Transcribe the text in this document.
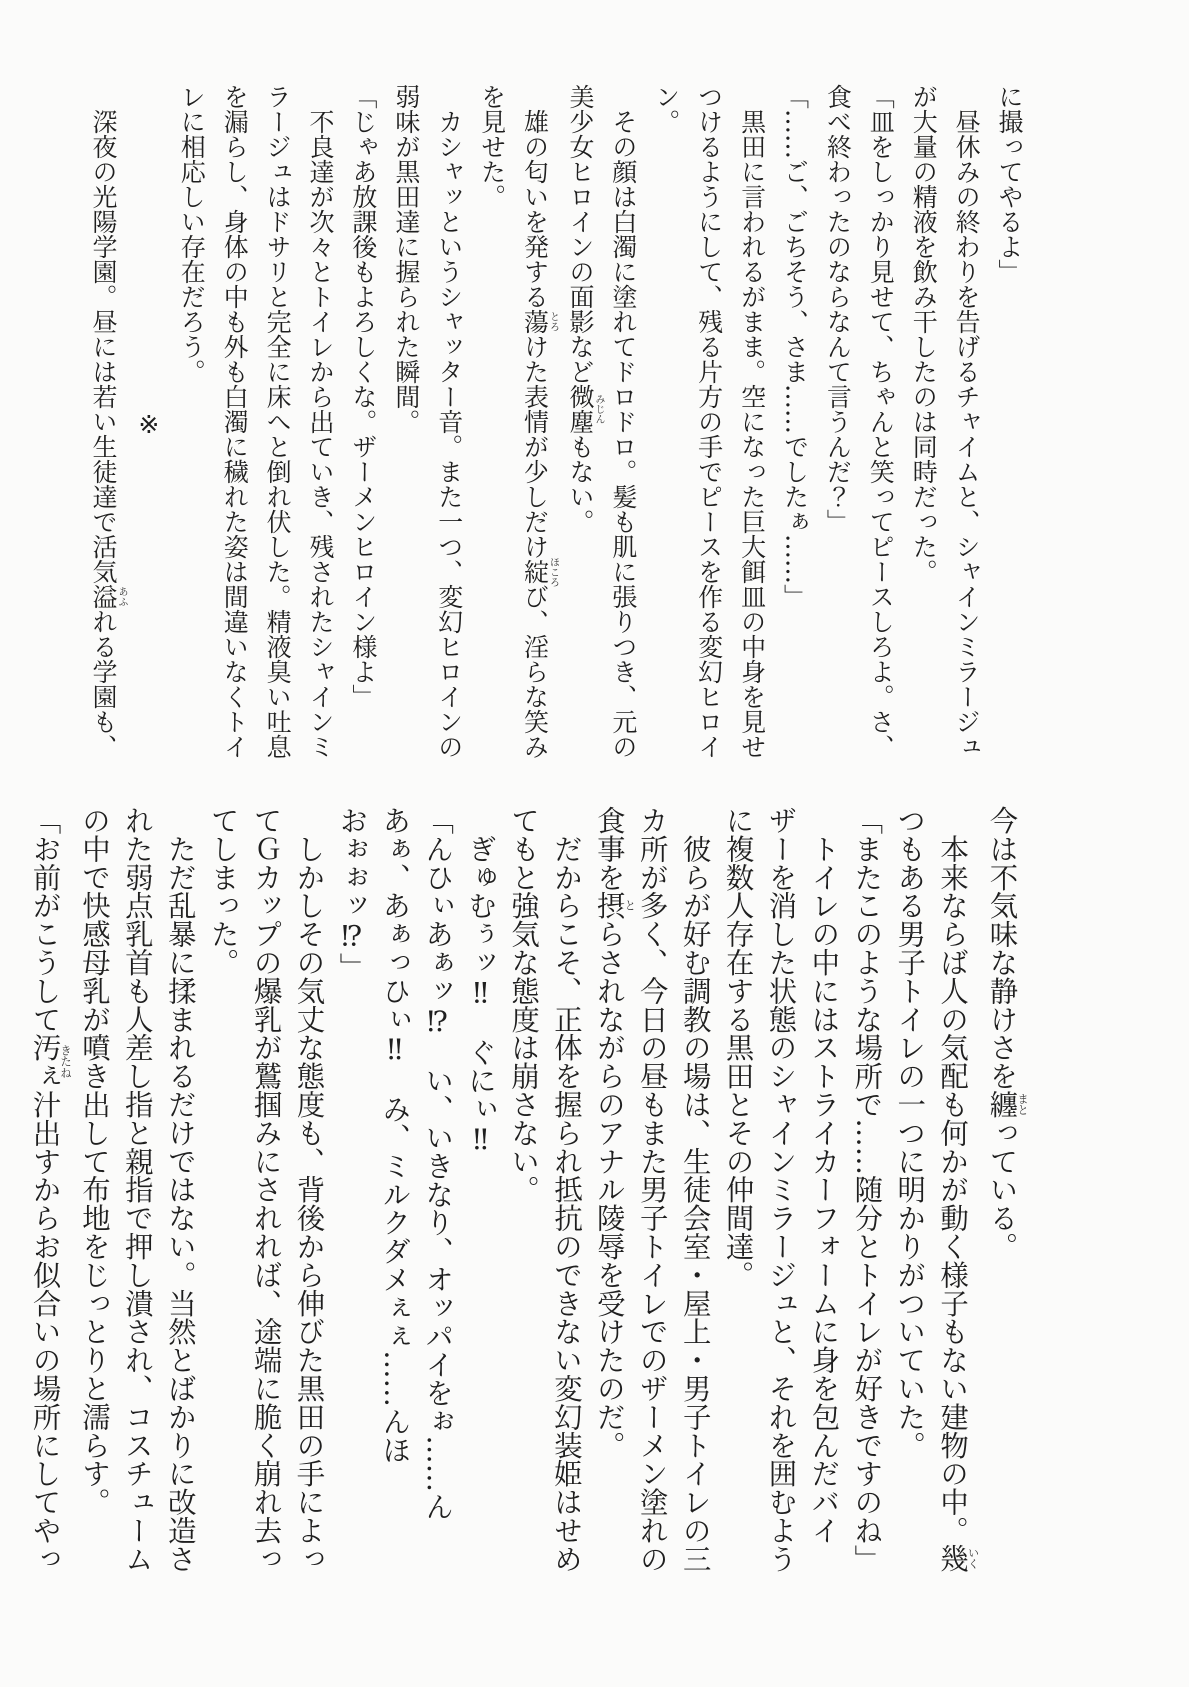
に撮ってやるよ」

　昼休みの終わりを告げるチャイムと、シャインミラージュが大量の精液を飲み干したのは同時だった。

「皿をしっかり見せて、ちゃんと笑ってピースしろよ。さ、食べ終わったのならなんて言うんだ？」

「……ご、ごちそう、さま……でしたぁ……」

　黒田に言われるがまま。空になった巨大餌皿の中身を見せつけるようにして、残る片方の手でピースを作る変幻ヒロイン。

　その顔は白濁に塗れてドロドロ。髪も肌に張りつき、元の美少女ヒロインの面影など微塵みじんもない。

　雄の匂いを発する蕩とろけた表情が少しだけ綻ほころび、淫らな笑みを見せた。

　カシャッというシャッター音。また一つ、変幻ヒロインの弱味が黒田達に握られた瞬間。

「じゃあ放課後もよろしくな。ザーメンヒロイン様よ」

　不良達が次々とトイレから出ていき、残されたシャインミラージュはドサリと完全に床へと倒れ伏した。精液臭い吐息を漏らし、身体の中も外も白濁に穢れた姿は間違いなくトイレに相応しい存在だろう。

※

　深夜の光陽学園。昼には若い生徒達で活気溢あふれる学園も、

今は不気味な静けさを纏まとっている。

　本来ならば人の気配も何かが動く様子もない建物の中。幾いくつもある男子トイレの一つに明かりがついていた。

「またこのような場所で……随分とトイレが好きですのね」

　トイレの中にはストライカーフォームに身を包んだバイザーを消した状態のシャインミラージュと、それを囲むように複数人存在する黒田とその仲間達。

　彼らが好む調教の場は、生徒会室・屋上・男子トイレの三カ所が多く、今日の昼もまた男子トイレでのザーメン塗れの食事を摂とらされながらのアナル陵辱を受けたのだ。

　だからこそ、正体を握られ抵抗のできない変幻装姫はせめてもと強気な態度は崩さない。

　ぎゅむぅッ‼　ぐにぃ‼

「んひぃあぁッ⁉　い、いきなり、オッパイをぉ……んあぁ、あぁっひぃ‼　み、ミルクダメぇぇ……んほおぉぉッ⁉」

　しかしその気丈な態度も、背後から伸びた黒田の手によってＧカップの爆乳が鷲掴みにされれば、途端に脆く崩れ去ってしまった。

　ただ乱暴に揉まれるだけではない。当然とばかりに改造された弱点乳首も人差し指と親指で押し潰され、コスチュームの中で快感母乳が噴き出して布地をじっとりと濡らす。

「お前がこうして汚ぇきたね汁出すからお似合いの場所にしてやっ
